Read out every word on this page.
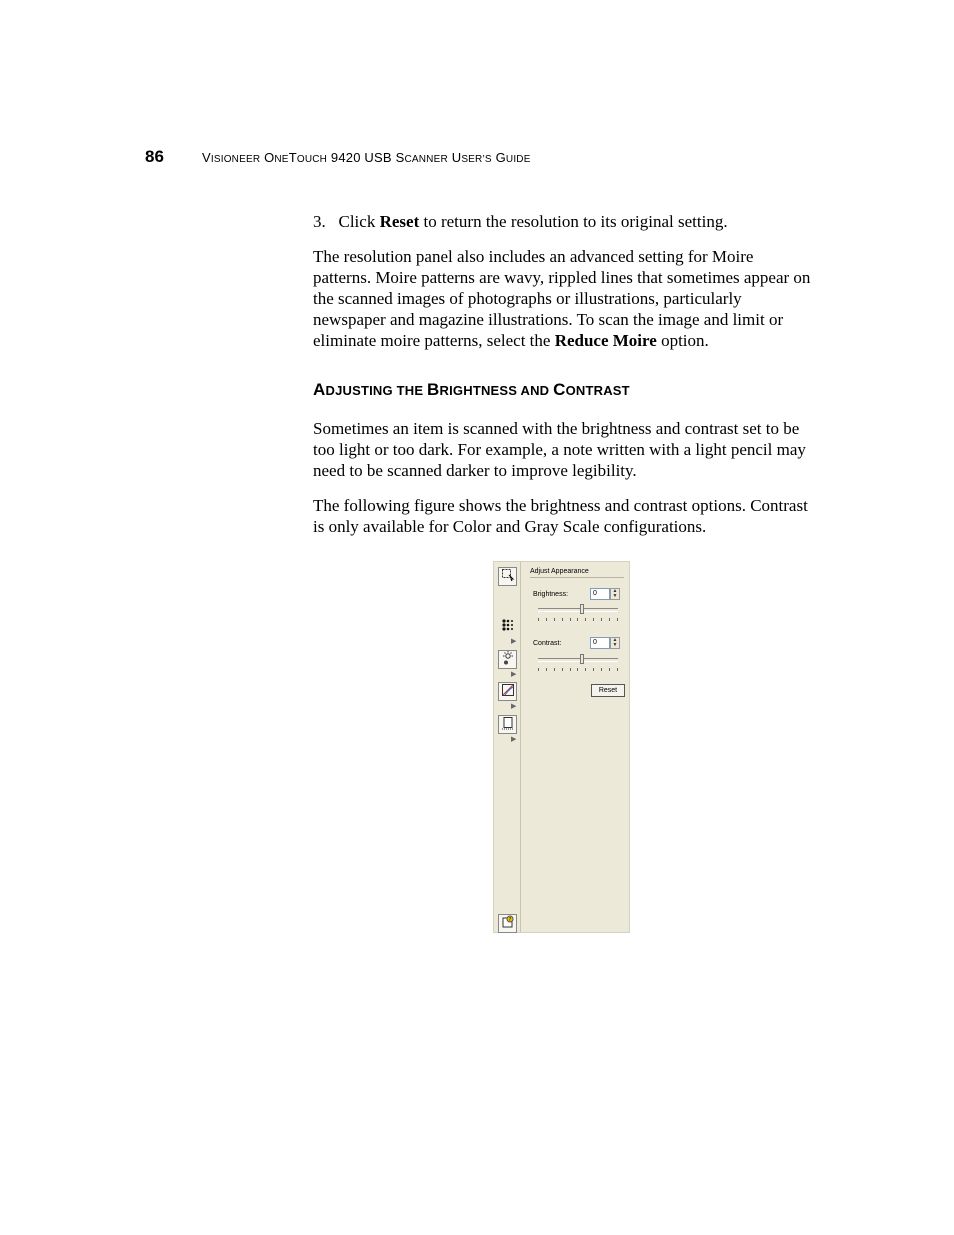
86	VISIONEER ONETOUCH 9420 USB SCANNER USER’S GUIDE

3. Click Reset to return the resolution to its original setting.

The resolution panel also includes an advanced setting for Moire patterns. Moire patterns are wavy, rippled lines that sometimes appear on the scanned images of photographs or illustrations, particularly newspaper and magazine illustrations. To scan the image and limit or eliminate moire patterns, select the Reduce Moire option.

ADJUSTING THE BRIGHTNESS AND CONTRAST

Sometimes an item is scanned with the brightness and contrast set to be too light or too dark. For example, a note written with a light pencil may need to be scanned darker to improve legibility.

The following figure shows the brightness and contrast options. Contrast is only available for Color and Gray Scale configurations.

▶
▶
▶
▶
?
Adjust Appearance
Brightness:	0	▲
▼
Contrast:	0	▲
▼
Reset
